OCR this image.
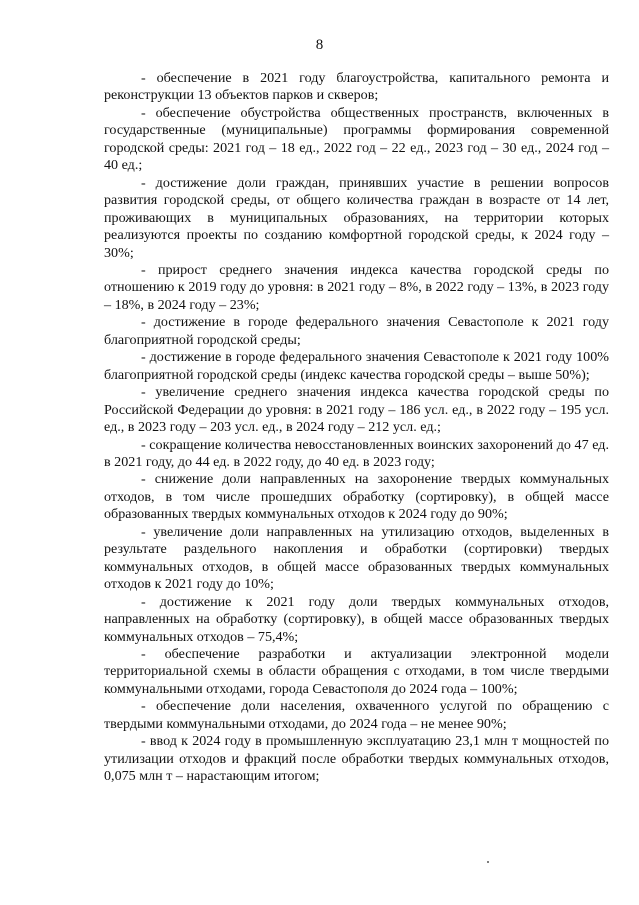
8

- обеспечение в 2021 году благоустройства, капитального ремонта и реконструкции 13 объектов парков и скверов;

- обеспечение обустройства общественных пространств, включенных в государственные (муниципальные) программы формирования современной городской среды: 2021 год – 18 ед., 2022 год – 22 ед., 2023 год – 30 ед., 2024 год – 40 ед.;

- достижение доли граждан, принявших участие в решении вопросов развития городской среды, от общего количества граждан в возрасте от 14 лет, проживающих в муниципальных образованиях, на территории которых реализуются проекты по созданию комфортной городской среды, к 2024 году – 30%;

- прирост среднего значения индекса качества городской среды по отношению к 2019 году до уровня: в 2021 году – 8%, в 2022 году – 13%, в 2023 году – 18%, в 2024 году – 23%;

- достижение в городе федерального значения Севастополе к 2021 году благоприятной городской среды;

- достижение в городе федерального значения Севастополе к 2021 году 100% благоприятной городской среды (индекс качества городской среды – выше 50%);

- увеличение среднего значения индекса качества городской среды по Российской Федерации до уровня: в 2021 году – 186 усл. ед., в 2022 году – 195 усл. ед., в 2023 году – 203 усл. ед., в 2024 году – 212 усл. ед.;

- сокращение количества невосстановленных воинских захоронений до 47 ед. в 2021 году, до 44 ед. в 2022 году, до 40 ед. в 2023 году;

- снижение доли направленных на захоронение твердых коммунальных отходов, в том числе прошедших обработку (сортировку), в общей массе образованных твердых коммунальных отходов к 2024 году до 90%;

- увеличение доли направленных на утилизацию отходов, выделенных в результате раздельного накопления и обработки (сортировки) твердых коммунальных отходов, в общей массе образованных твердых коммунальных отходов к 2021 году до 10%;

- достижение к 2021 году доли твердых коммунальных отходов, направленных на обработку (сортировку), в общей массе образованных твердых коммунальных отходов – 75,4%;

- обеспечение разработки и актуализации электронной модели территориальной схемы в области обращения с отходами, в том числе твердыми коммунальными отходами, города Севастополя до 2024 года – 100%;

- обеспечение доли населения, охваченного услугой по обращению с твердыми коммунальными отходами, до 2024 года – не менее 90%;

- ввод к 2024 году в промышленную эксплуатацию 23,1 млн т мощностей по утилизации отходов и фракций после обработки твердых коммунальных отходов, 0,075 млн т – нарастающим итогом;
